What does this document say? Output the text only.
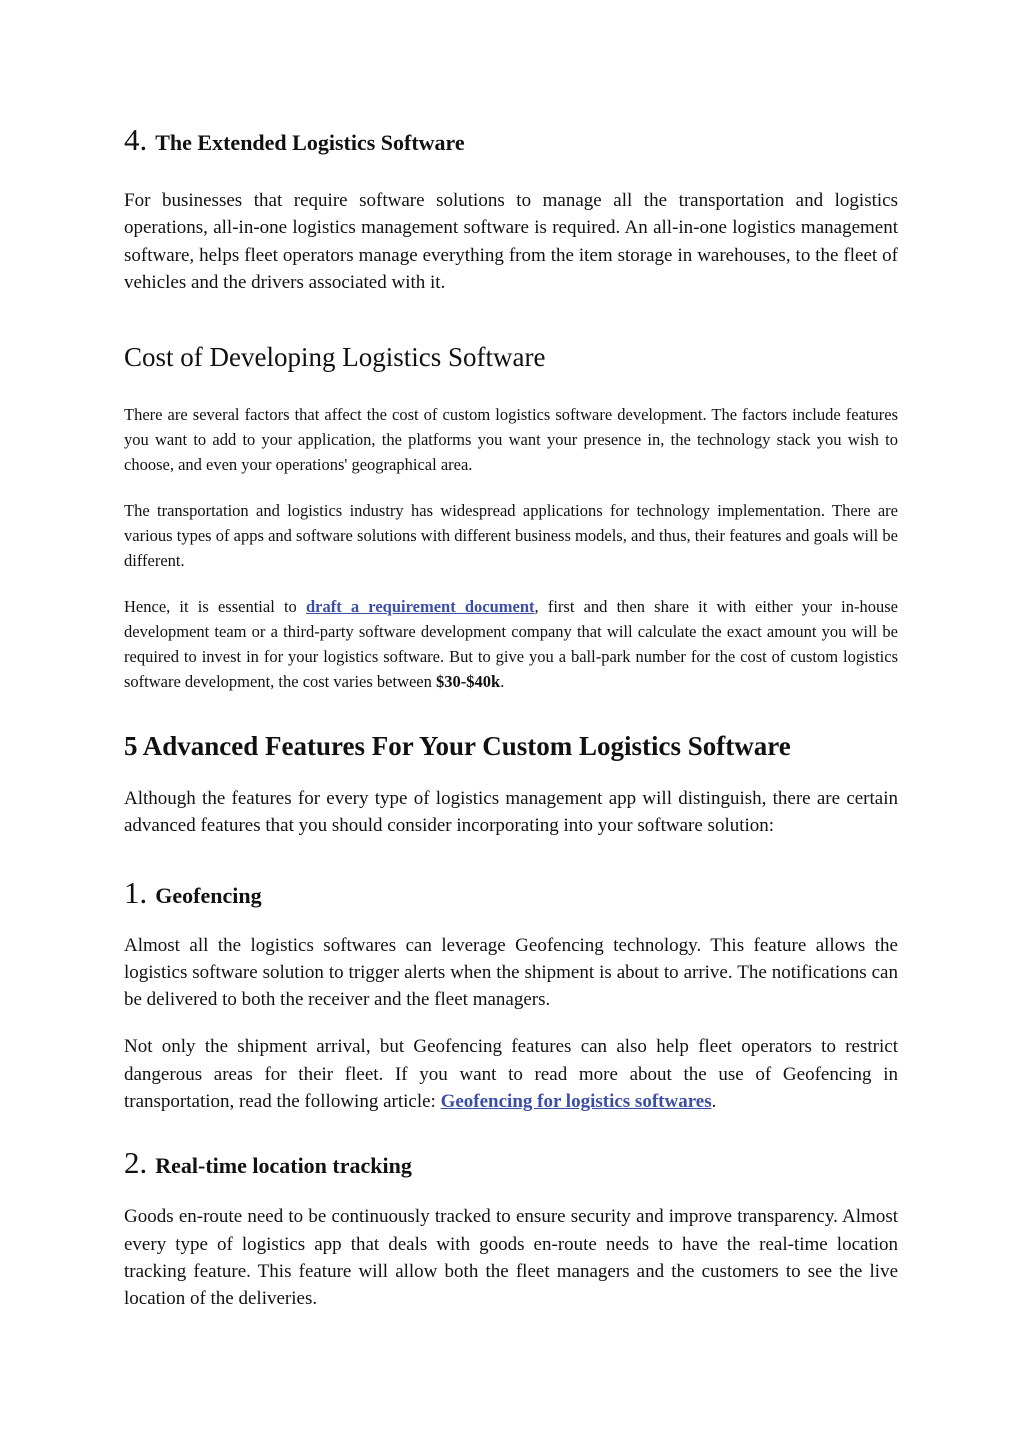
4. The Extended Logistics Software

For businesses that require software solutions to manage all the transportation and logistics operations, all-in-one logistics management software is required. An all-in-one logistics management software, helps fleet operators manage everything from the item storage in warehouses, to the fleet of vehicles and the drivers associated with it.

Cost of Developing Logistics Software

There are several factors that affect the cost of custom logistics software development. The factors include features you want to add to your application, the platforms you want your presence in, the technology stack you wish to choose, and even your operations' geographical area.

The transportation and logistics industry has widespread applications for technology implementation. There are various types of apps and software solutions with different business models, and thus, their features and goals will be different.

Hence, it is essential to draft a requirement document, first and then share it with either your in-house development team or a third-party software development company that will calculate the exact amount you will be required to invest in for your logistics software. But to give you a ball-park number for the cost of custom logistics software development, the cost varies between $30-$40k.

5 Advanced Features For Your Custom Logistics Software

Although the features for every type of logistics management app will distinguish, there are certain advanced features that you should consider incorporating into your software solution:

1. Geofencing

Almost all the logistics softwares can leverage Geofencing technology. This feature allows the logistics software solution to trigger alerts when the shipment is about to arrive. The notifications can be delivered to both the receiver and the fleet managers.

Not only the shipment arrival, but Geofencing features can also help fleet operators to restrict dangerous areas for their fleet. If you want to read more about the use of Geofencing in transportation, read the following article: Geofencing for logistics softwares.

2. Real-time location tracking

Goods en-route need to be continuously tracked to ensure security and improve transparency. Almost every type of logistics app that deals with goods en-route needs to have the real-time location tracking feature. This feature will allow both the fleet managers and the customers to see the live location of the deliveries.
